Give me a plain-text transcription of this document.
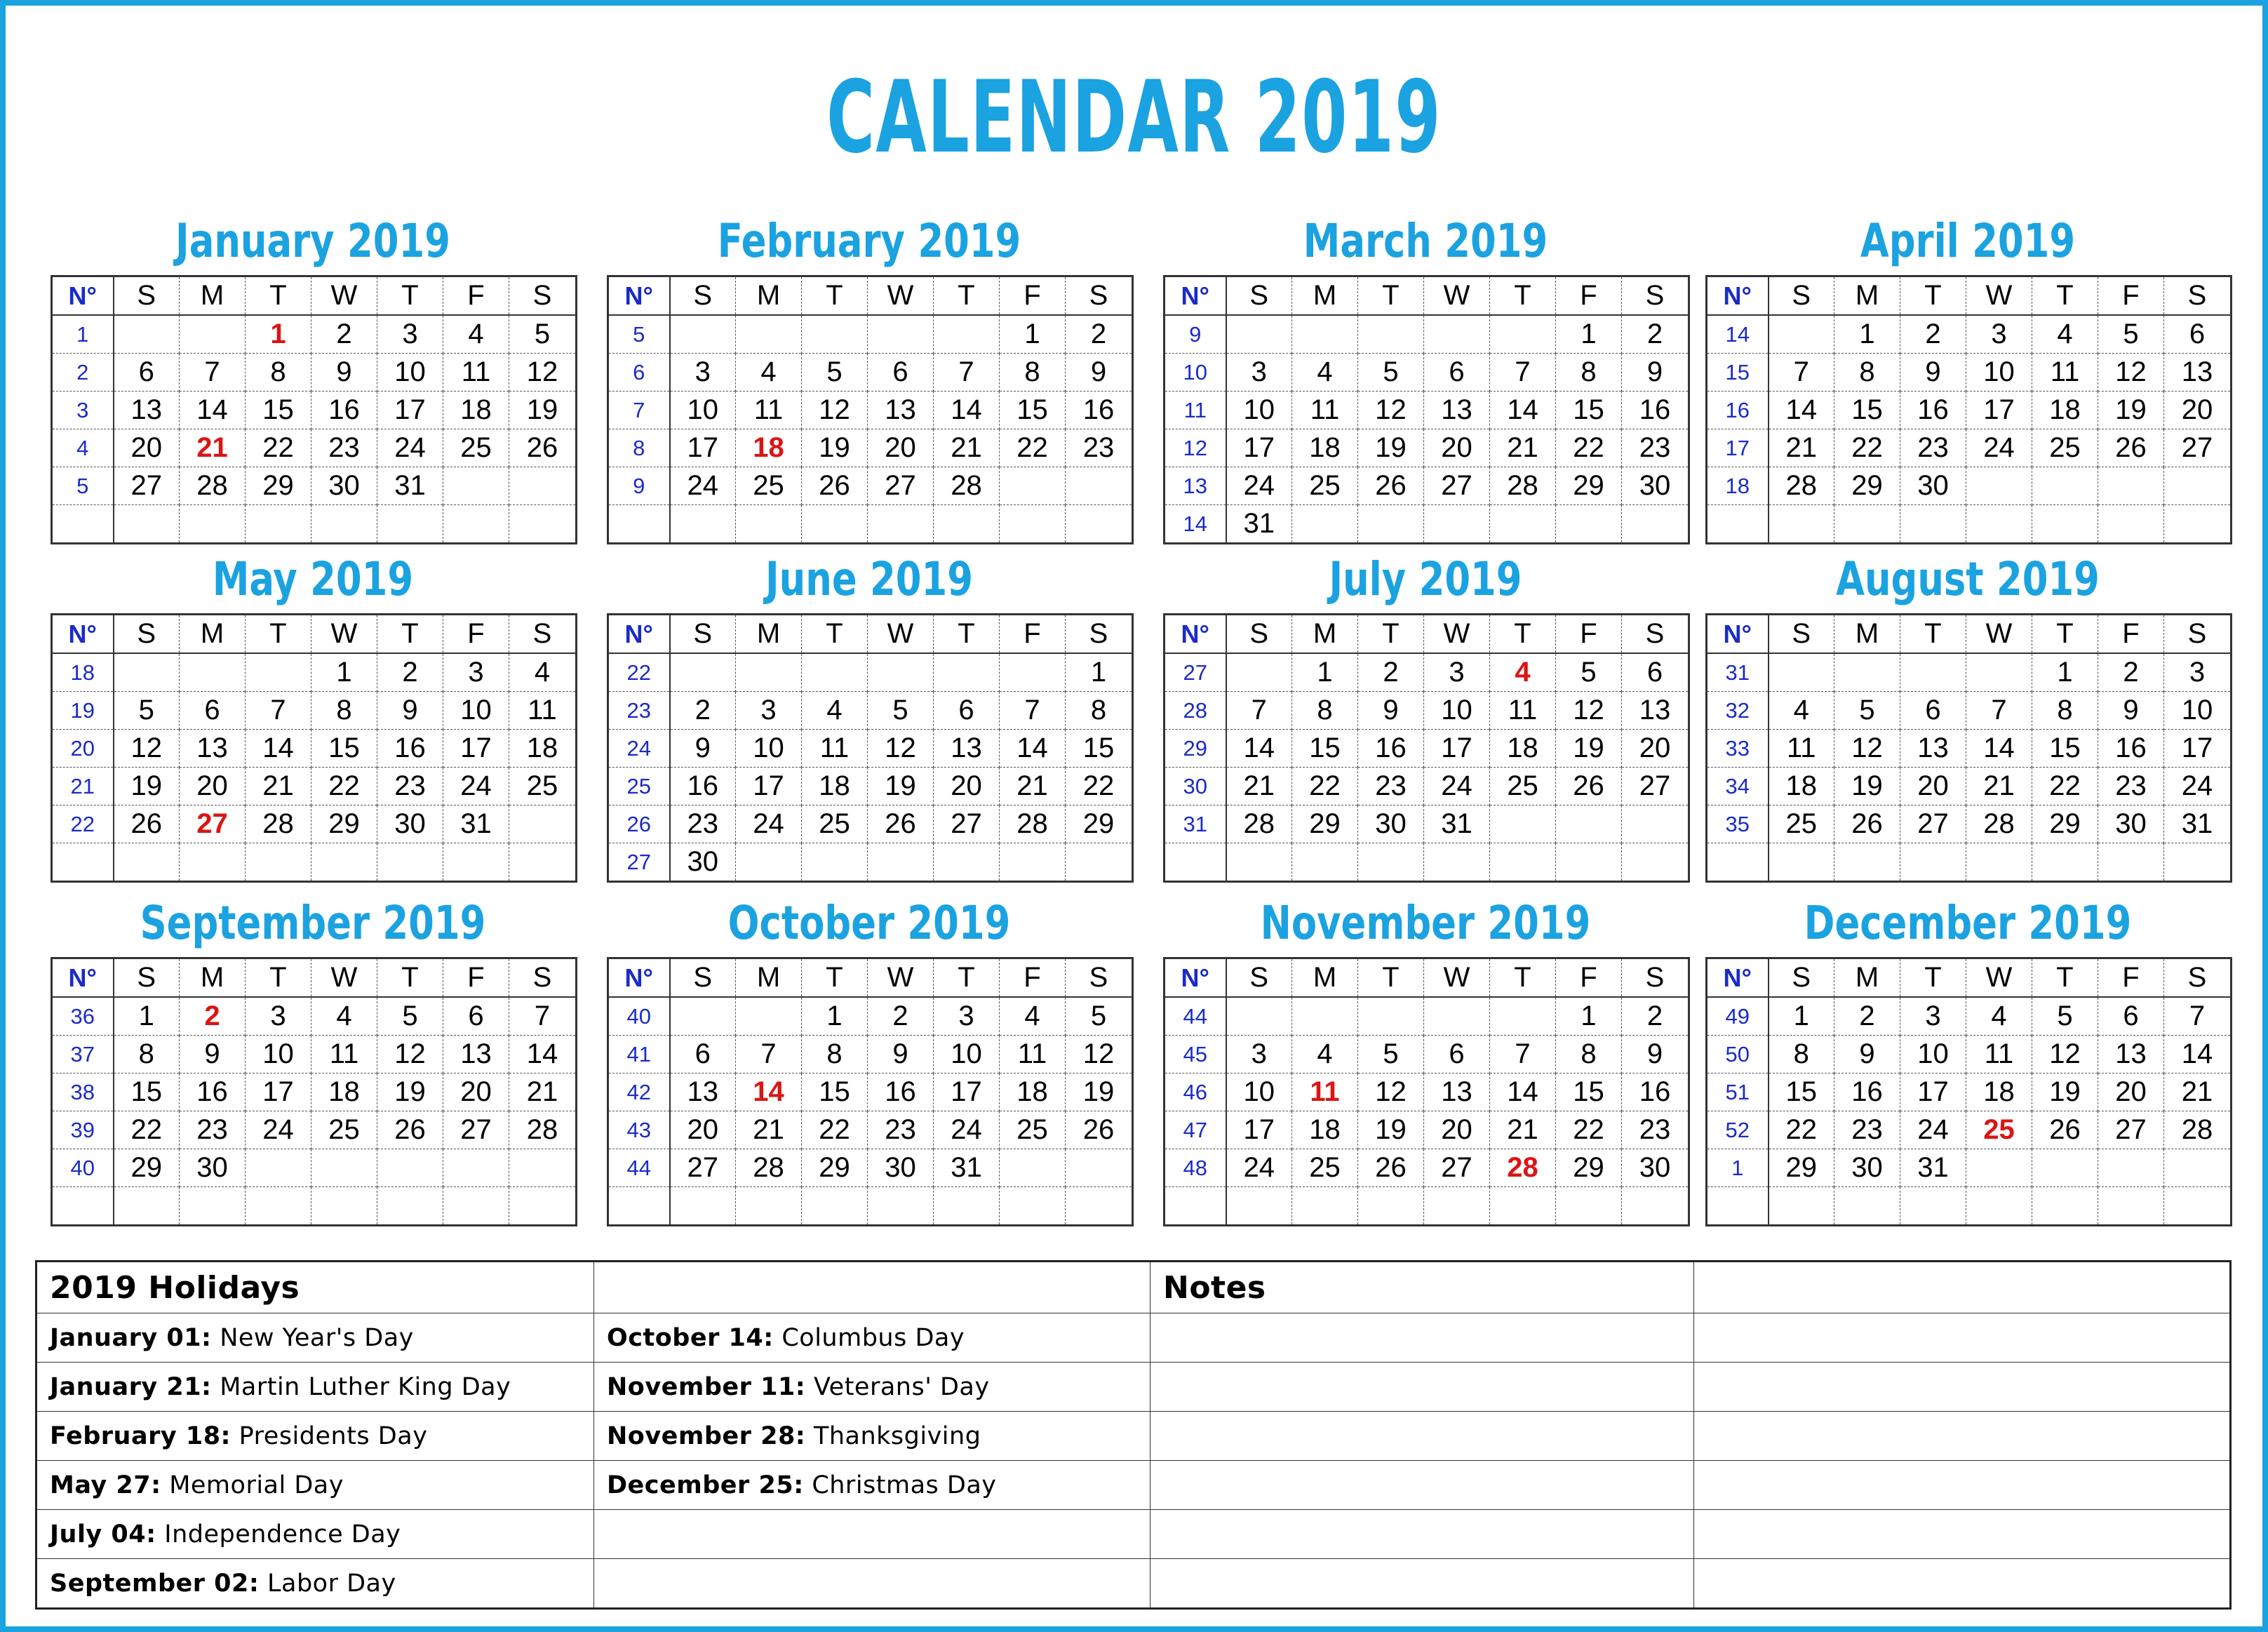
CALENDAR 2019
January 2019
N°	S	M	T	W	T	F	S
1			1	2	3	4	5
2	6	7	8	9	10	11	12
3	13	14	15	16	17	18	19
4	20	21	22	23	24	25	26
5	27	28	29	30	31		

February 2019
N°	S	M	T	W	T	F	S
5						1	2
6	3	4	5	6	7	8	9
7	10	11	12	13	14	15	16
8	17	18	19	20	21	22	23
9	24	25	26	27	28		

March 2019
N°	S	M	T	W	T	F	S
9						1	2
10	3	4	5	6	7	8	9
11	10	11	12	13	14	15	16
12	17	18	19	20	21	22	23
13	24	25	26	27	28	29	30
14	31						
April 2019
N°	S	M	T	W	T	F	S
14		1	2	3	4	5	6
15	7	8	9	10	11	12	13
16	14	15	16	17	18	19	20
17	21	22	23	24	25	26	27
18	28	29	30				

May 2019
N°	S	M	T	W	T	F	S
18				1	2	3	4
19	5	6	7	8	9	10	11
20	12	13	14	15	16	17	18
21	19	20	21	22	23	24	25
22	26	27	28	29	30	31	

June 2019
N°	S	M	T	W	T	F	S
22							1
23	2	3	4	5	6	7	8
24	9	10	11	12	13	14	15
25	16	17	18	19	20	21	22
26	23	24	25	26	27	28	29
27	30						
July 2019
N°	S	M	T	W	T	F	S
27		1	2	3	4	5	6
28	7	8	9	10	11	12	13
29	14	15	16	17	18	19	20
30	21	22	23	24	25	26	27
31	28	29	30	31			

August 2019
N°	S	M	T	W	T	F	S
31					1	2	3
32	4	5	6	7	8	9	10
33	11	12	13	14	15	16	17
34	18	19	20	21	22	23	24
35	25	26	27	28	29	30	31

September 2019
N°	S	M	T	W	T	F	S
36	1	2	3	4	5	6	7
37	8	9	10	11	12	13	14
38	15	16	17	18	19	20	21
39	22	23	24	25	26	27	28
40	29	30					

October 2019
N°	S	M	T	W	T	F	S
40			1	2	3	4	5
41	6	7	8	9	10	11	12
42	13	14	15	16	17	18	19
43	20	21	22	23	24	25	26
44	27	28	29	30	31		

November 2019
N°	S	M	T	W	T	F	S
44						1	2
45	3	4	5	6	7	8	9
46	10	11	12	13	14	15	16
47	17	18	19	20	21	22	23
48	24	25	26	27	28	29	30

December 2019
N°	S	M	T	W	T	F	S
49	1	2	3	4	5	6	7
50	8	9	10	11	12	13	14
51	15	16	17	18	19	20	21
52	22	23	24	25	26	27	28
1	29	30	31				

2019 Holidays		Notes	
January 01: New Year's Day	October 14: Columbus Day		
January 21: Martin Luther King Day	November 11: Veterans' Day		
February 18: Presidents Day	November 28: Thanksgiving		
May 27: Memorial Day	December 25: Christmas Day		
July 04: Independence Day			
September 02: Labor Day			
